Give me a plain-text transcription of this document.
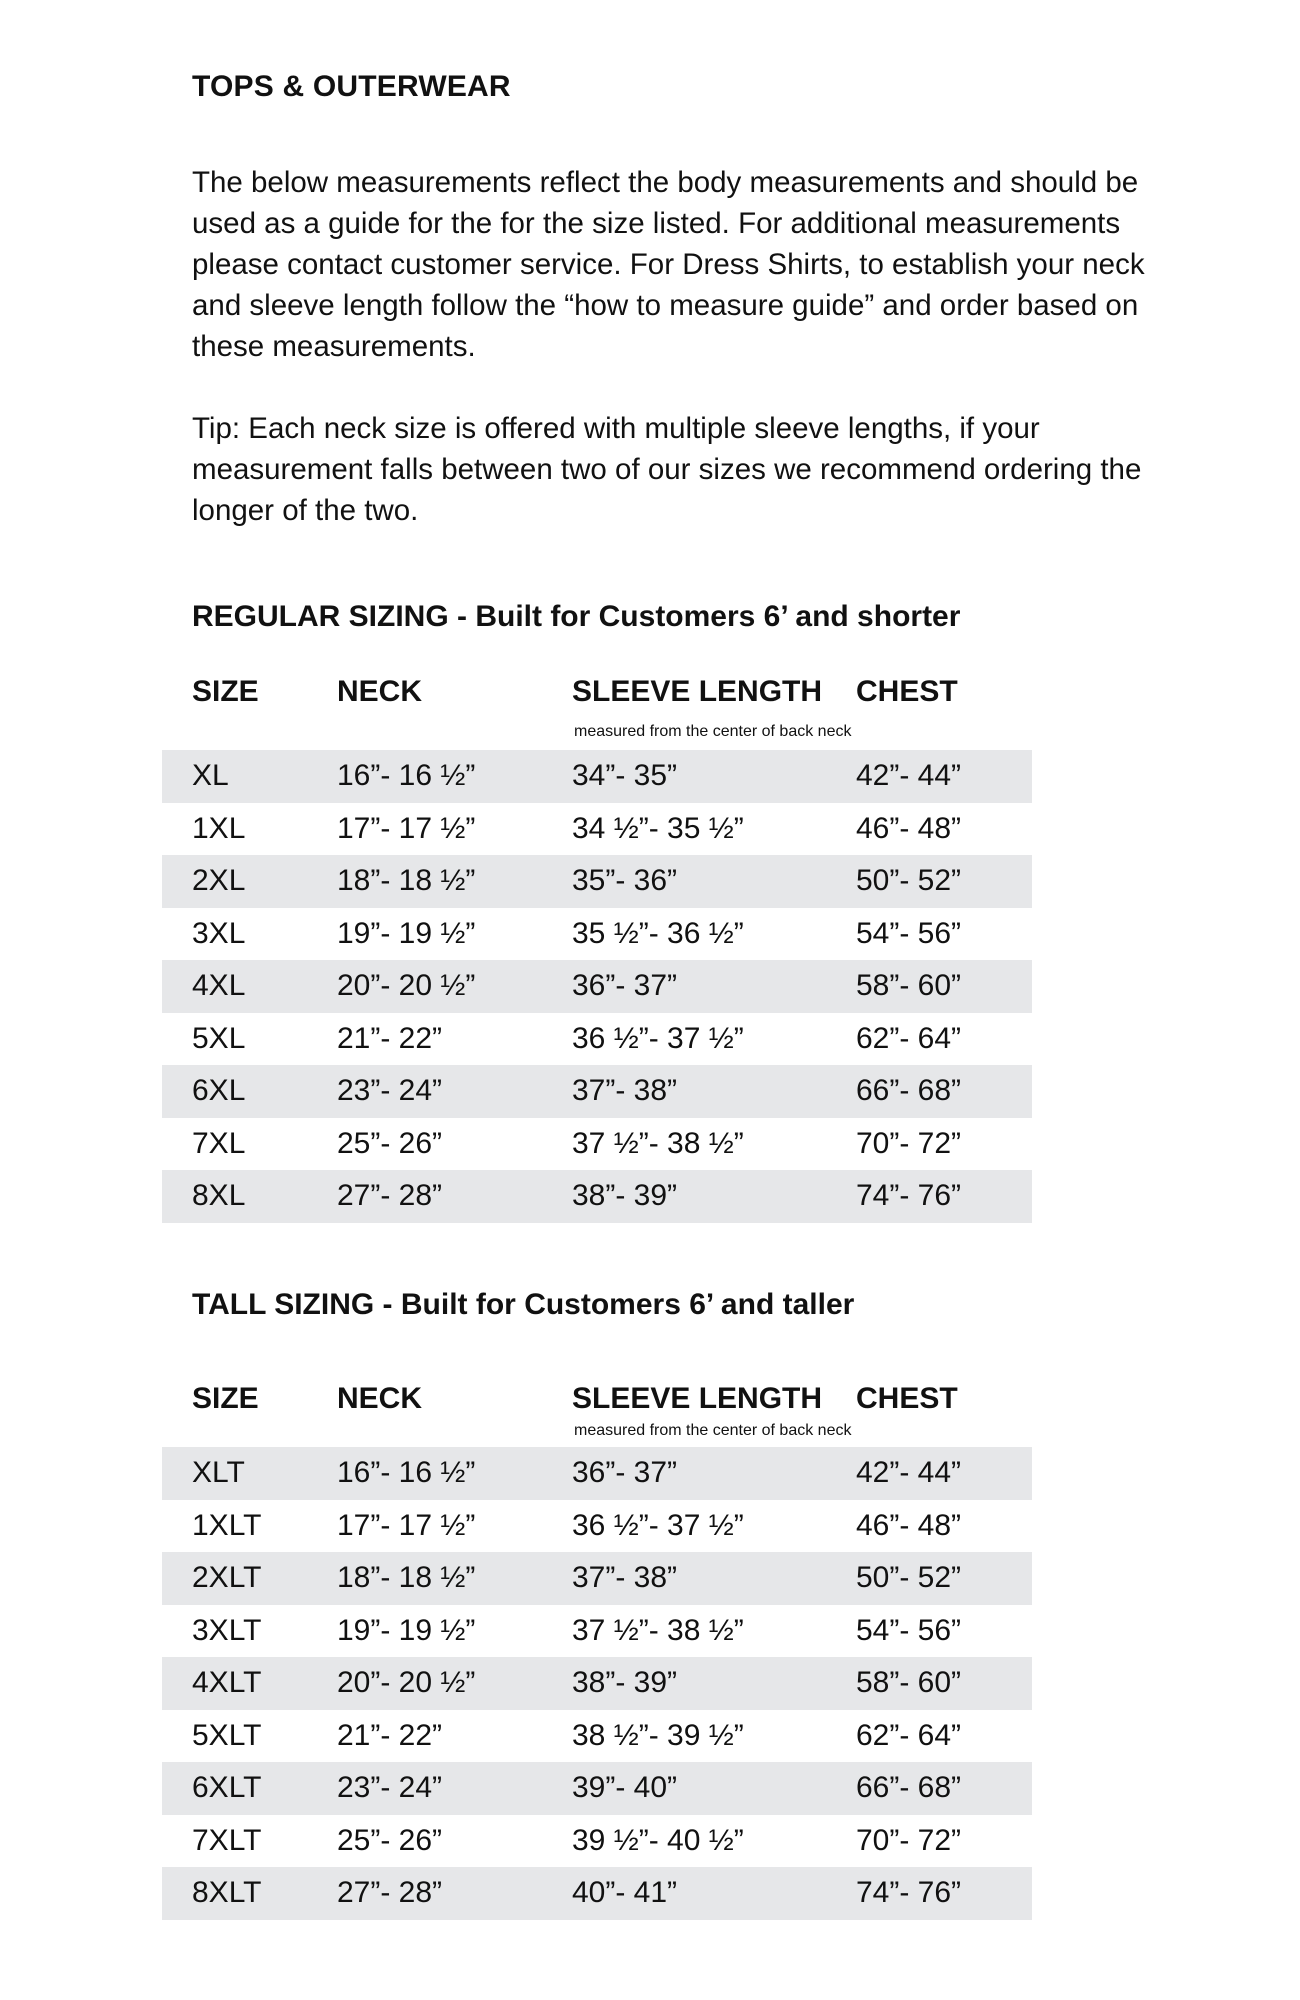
TOPS & OUTERWEAR

The below measurements reflect the body measurements and should be used as a guide for the for the size listed. For additional measurements please contact customer service. For Dress Shirts, to establish your neck and sleeve length follow the “how to measure guide” and order based on these measurements.

Tip: Each neck size is offered with multiple sleeve lengths, if your measurement falls between two of our sizes we recommend ordering the longer of the two.

REGULAR SIZING - Built for Customers 6’ and shorter
SIZE	NECK	SLEEVE LENGTH CHEST
measured from the center of back neck
XL	16”- 16 ½”	34”- 35”	42”- 44”
1XL	17”- 17 ½”	34 ½”- 35 ½”	46”- 48”
2XL	18”- 18 ½”	35”- 36”	50”- 52”
3XL	19”- 19 ½”	35 ½”- 36 ½”	54”- 56”
4XL	20”- 20 ½”	36”- 37”	58”- 60”
5XL	21”- 22”	36 ½”- 37 ½”	62”- 64”
6XL	23”- 24”	37”- 38”	66”- 68”
7XL	25”- 26”	37 ½”- 38 ½”	70”- 72”
8XL	27”- 28”	38”- 39”	74”- 76”
TALL SIZING - Built for Customers 6’ and taller
SIZE	NECK	SLEEVE LENGTH CHEST
measured from the center of back neck
XLT	16”- 16 ½”	36”- 37”	42”- 44”
1XLT	17”- 17 ½”	36 ½”- 37 ½”	46”- 48”
2XLT	18”- 18 ½”	37”- 38”	50”- 52”
3XLT	19”- 19 ½”	37 ½”- 38 ½”	54”- 56”
4XLT	20”- 20 ½”	38”- 39”	58”- 60”
5XLT	21”- 22”	38 ½”- 39 ½”	62”- 64”
6XLT	23”- 24”	39”- 40”	66”- 68”
7XLT	25”- 26”	39 ½”- 40 ½”	70”- 72”
8XLT	27”- 28”	40”- 41”	74”- 76”
